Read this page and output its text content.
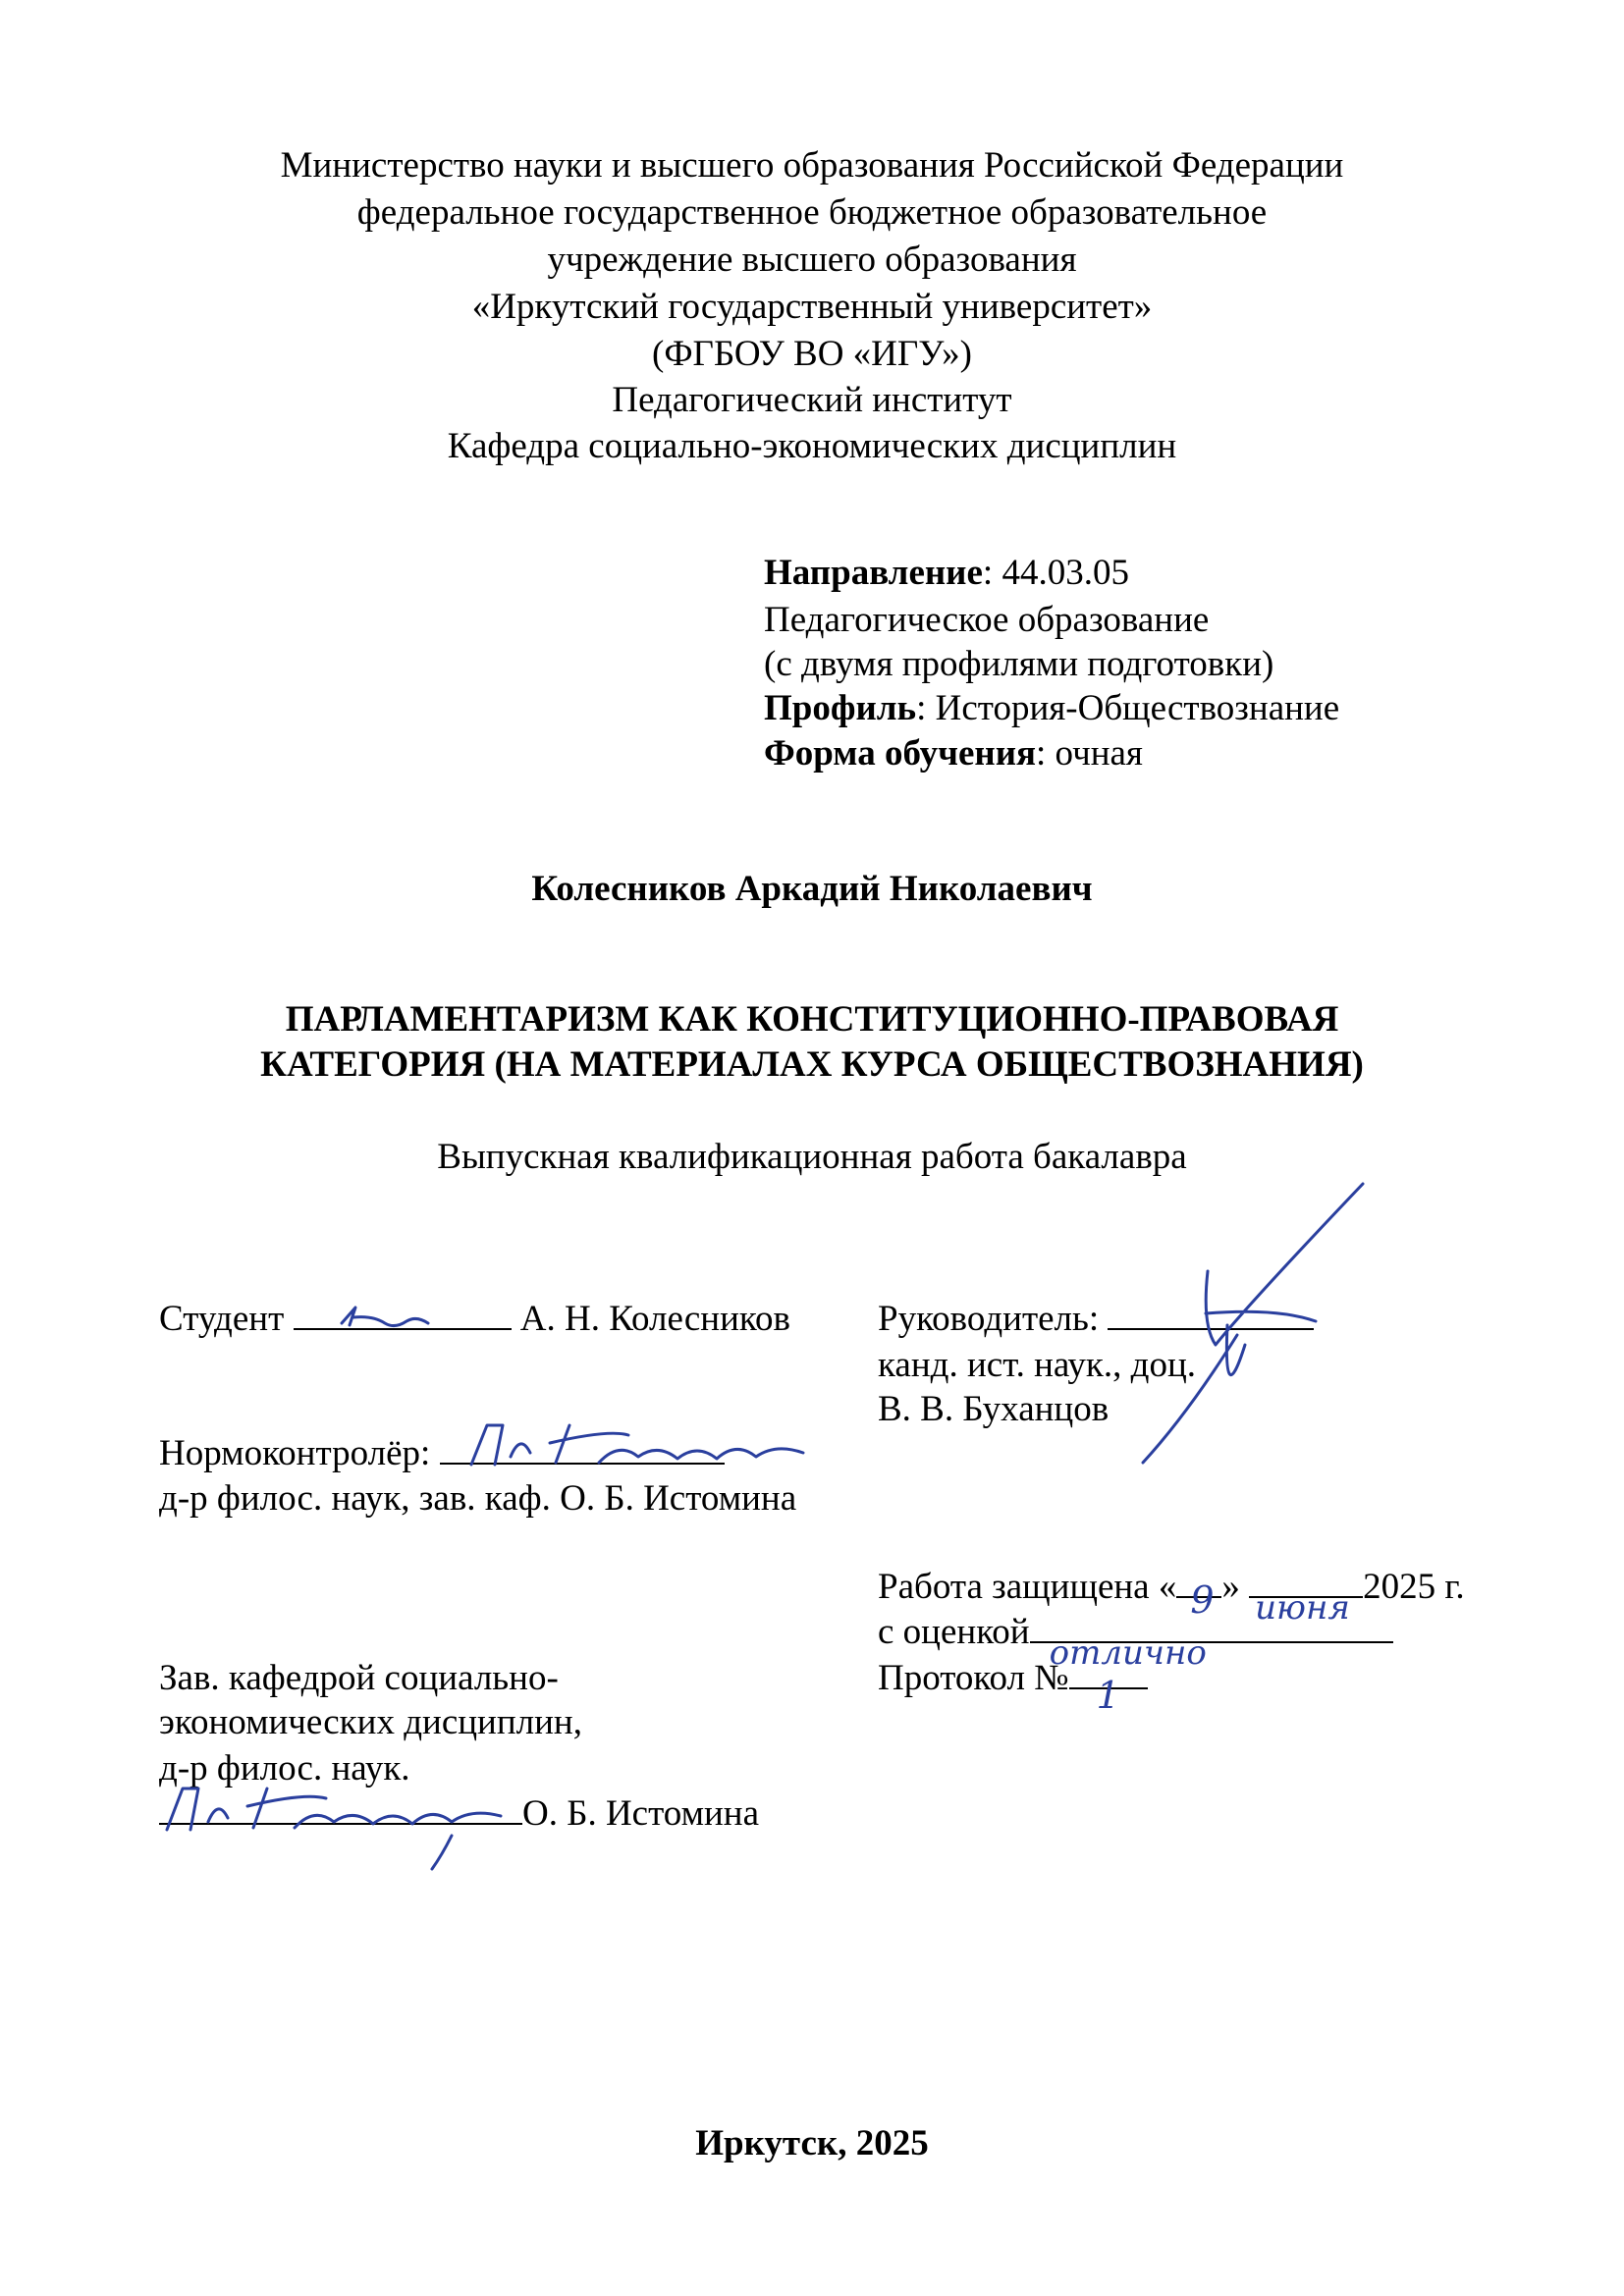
Министерство науки и высшего образования Российской Федерации
федеральное государственное бюджетное образовательное
учреждение высшего образования
«Иркутский государственный университет»
(ФГБОУ ВО «ИГУ»)
Педагогический институт
Кафедра социально-экономических дисциплин
Направление: 44.03.05
Педагогическое образование
(с двумя профилями подготовки)
Профиль: История-Обществознание
Форма обучения: очная
Колесников Аркадий Николаевич
ПАРЛАМЕНТАРИЗМ КАК КОНСТИТУЦИОННО-ПРАВОВАЯ
КАТЕГОРИЯ (НА МАТЕРИАЛАХ КУРСА ОБЩЕСТВОЗНАНИЯ)
Выпускная квалификационная работа бакалавра
Студент	А. Н. Колесников Руководитель:
канд. ист. наук., доц.
В. В. Буханцов
Нормоконтролёр:
д-р филос. наук, зав. каф. О. Б. Истомина
Работа защищена « 9 »
июня
2025 г.
с оценкой
отлично
Протокол № 1
Зав. кафедрой социально-
экономических дисциплин,
д-р филос. наук.
О. Б. Истомина
Иркутск, 2025
